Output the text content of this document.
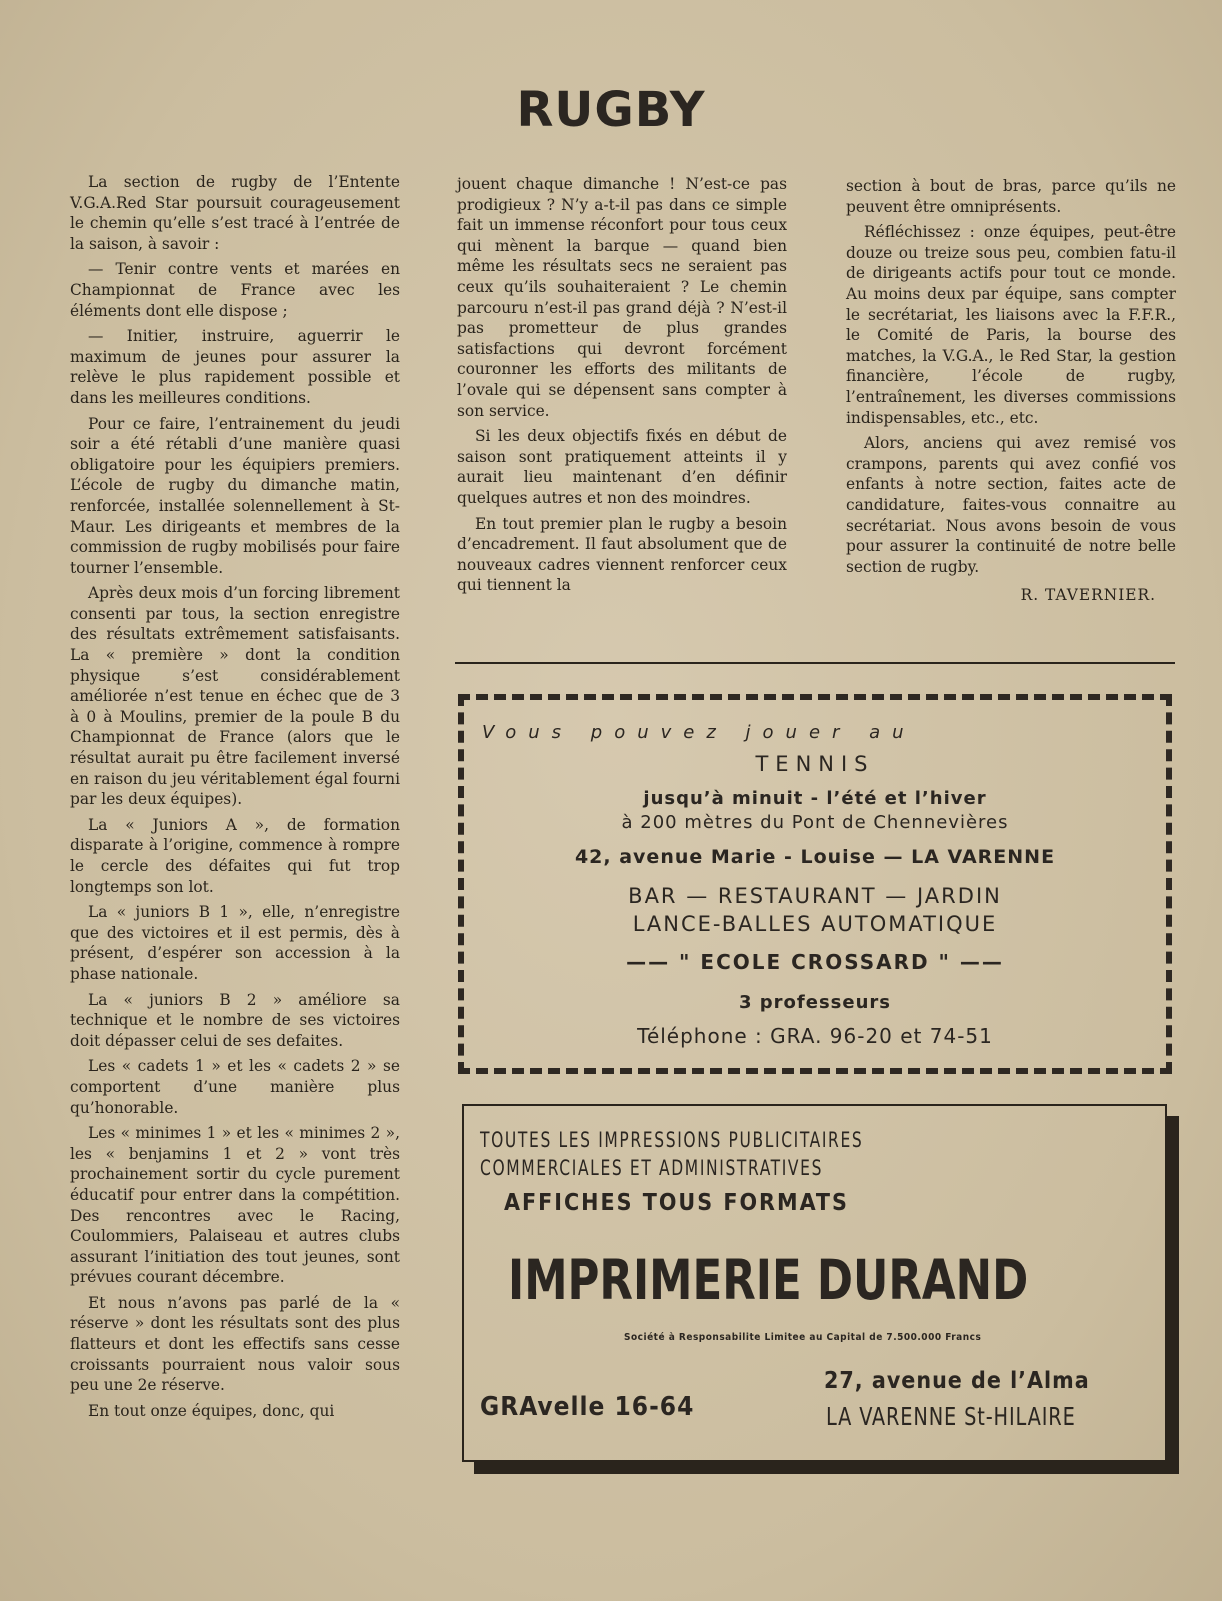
RUGBY

La section de rugby de l’Entente V.G.A.Red Star poursuit courageusement le chemin qu’elle s’est tracé à l’entrée de la saison, à savoir :

— Tenir contre vents et marées en Championnat de France avec les éléments dont elle dispose ;

— Initier, instruire, aguerrir le maximum de jeunes pour assurer la relève le plus rapidement possible et dans les meilleures conditions.

Pour ce faire, l’entrainement du jeudi soir a été rétabli d’une manière quasi obligatoire pour les équipiers premiers. L’école de rugby du dimanche matin, renforcée, installée solennellement à St-Maur. Les dirigeants et membres de la commission de rugby mobilisés pour faire tourner l’ensemble.

Après deux mois d’un forcing librement consenti par tous, la section enregistre des résultats extrêmement satisfaisants. La « première » dont la condition physique s’est considérablement améliorée n’est tenue en échec que de 3 à 0 à Moulins, premier de la poule B du Championnat de France (alors que le résultat aurait pu être facilement inversé en raison du jeu véritablement égal fourni par les deux équipes).

La « Juniors A », de formation disparate à l’origine, commence à rompre le cercle des défaites qui fut trop longtemps son lot.

La « juniors B 1 », elle, n’enregistre que des victoires et il est permis, dès à présent, d’espérer son accession à la phase nationale.

La « juniors B 2 » améliore sa technique et le nombre de ses victoires doit dépasser celui de ses defaites.

Les « cadets 1 » et les « cadets 2 » se comportent d’une manière plus qu’honorable.

Les « minimes 1 » et les « minimes 2 », les « benjamins 1 et 2 » vont très prochainement sortir du cycle purement éducatif pour entrer dans la compétition. Des rencontres avec le Racing, Coulommiers, Palaiseau et autres clubs assurant l’initiation des tout jeunes, sont prévues courant décembre.

Et nous n’avons pas parlé de la « réserve » dont les résultats sont des plus flatteurs et dont les effectifs sans cesse croissants pourraient nous valoir sous peu une 2e réserve.

En tout onze équipes, donc, qui

jouent chaque dimanche ! N’est-ce pas prodigieux ? N’y a-t-il pas dans ce simple fait un immense réconfort pour tous ceux qui mènent la barque — quand bien même les résultats secs ne seraient pas ceux qu’ils souhaiteraient ? Le chemin parcouru n’est-il pas grand déjà ? N’est-il pas prometteur de plus grandes satisfactions qui devront forcément couronner les efforts des militants de l’ovale qui se dépensent sans compter à son service.

Si les deux objectifs fixés en début de saison sont pratiquement atteints il y aurait lieu maintenant d’en définir quelques autres et non des moindres.

En tout premier plan le rugby a besoin d’encadrement. Il faut absolument que de nouveaux cadres viennent renforcer ceux qui tiennent la

section à bout de bras, parce qu’ils ne peuvent être omniprésents.

Réfléchissez : onze équipes, peut-être douze ou treize sous peu, combien fatu-il de dirigeants actifs pour tout ce monde. Au moins deux par équipe, sans compter le secrétariat, les liaisons avec la F.F.R., le Comité de Paris, la bourse des matches, la V.G.A., le Red Star, la gestion financière, l’école de rugby, l’entraînement, les diverses commissions indispensables, etc., etc.

Alors, anciens qui avez remisé vos crampons, parents qui avez confié vos enfants à notre section, faites acte de candidature, faites-vous connaitre au secrétariat. Nous avons besoin de vous pour assurer la continuité de notre belle section de rugby.

R. TAVERNIER.
Vous pouvez jouer au
TENNIS
jusqu’à minuit - l’été et l’hiver
à 200 mètres du Pont de Chennevières
42, avenue Marie - Louise — LA VARENNE
BAR — RESTAURANT — JARDIN
LANCE-BALLES AUTOMATIQUE
—— " ECOLE CROSSARD " ——
3 professeurs
Téléphone : GRA. 96-20 et 74-51
TOUTES LES IMPRESSIONS PUBLICITAIRES
COMMERCIALES ET ADMINISTRATIVES
AFFICHES TOUS FORMATS
IMPRIMERIE DURAND
Société à Responsabilite Limitee au Capital de 7.500.000 Francs
GRAvelle 16-64
27, avenue de l’Alma
LA VARENNE St-HILAIRE
